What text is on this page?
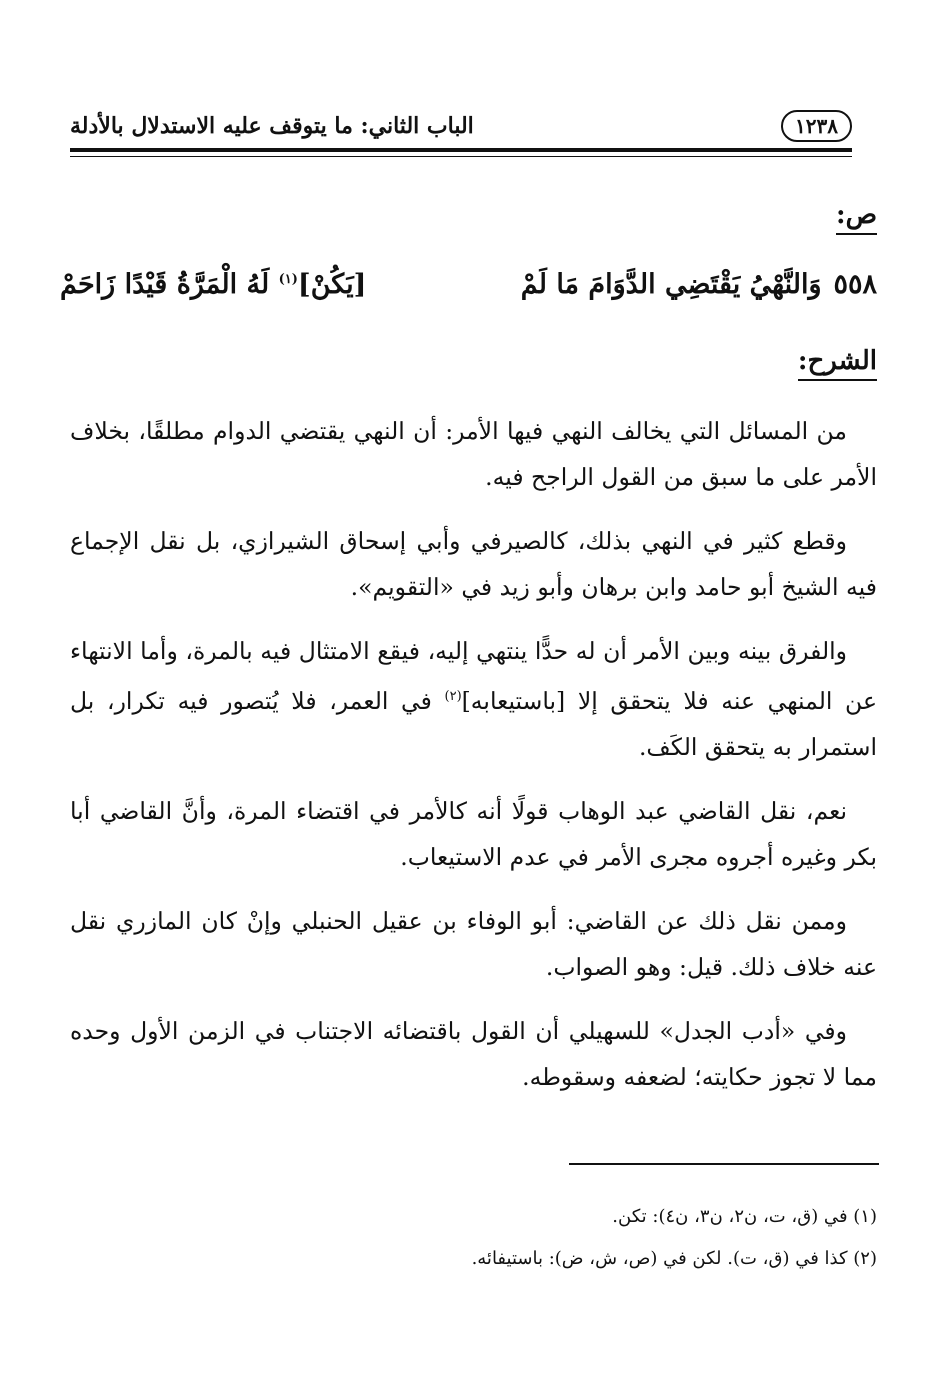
١٢٣٨
الباب الثاني: ما يتوقف عليه الاستدلال بالأدلة
ص:
٥٥٨وَالنَّهْيُ يَقْتَضِي الدَّوَامَ مَا لَمْ
[يَكُنْ]$^{(١)}$ لَهُ الْمَرَّةُ قَيْدًا زَاحَمْ
الشرح:

من المسائل التي يخالف النهي فيها الأمر: أن النهي يقتضي الدوام مطلقًا، بخلاف الأمر على ما سبق من القول الراجح فيه.

وقطع كثير في النهي بذلك، كالصيرفي وأبي إسحاق الشيرازي، بل نقل الإجماع فيه الشيخ أبو حامد وابن برهان وأبو زيد في «التقويم».

والفرق بينه وبين الأمر أن له حدًّا ينتهي إليه، فيقع الامتثال فيه بالمرة، وأما الانتهاء عن المنهي عنه فلا يتحقق إلا [باستيعابه]$^{(٢)}$ في العمر، فلا يُتصور فيه تكرار، بل استمرار به يتحقق الكَف.

نعم، نقل القاضي عبد الوهاب قولًا أنه كالأمر في اقتضاء المرة، وأنَّ القاضي أبا بكر وغيره أجروه مجرى الأمر في عدم الاستيعاب.

وممن نقل ذلك عن القاضي: أبو الوفاء بن عقيل الحنبلي وإنْ كان المازري نقل عنه خلاف ذلك. قيل: وهو الصواب.

وفي «أدب الجدل» للسهيلي أن القول باقتضائه الاجتناب في الزمن الأول وحده مما لا تجوز حكايته؛ لضعفه وسقوطه.

(١) في (ق، ت، ن٢، ن٣، ن٤): تكن.

(٢) كذا في (ق، ت). لكن في (ص، ش، ض): باستيفائه.
